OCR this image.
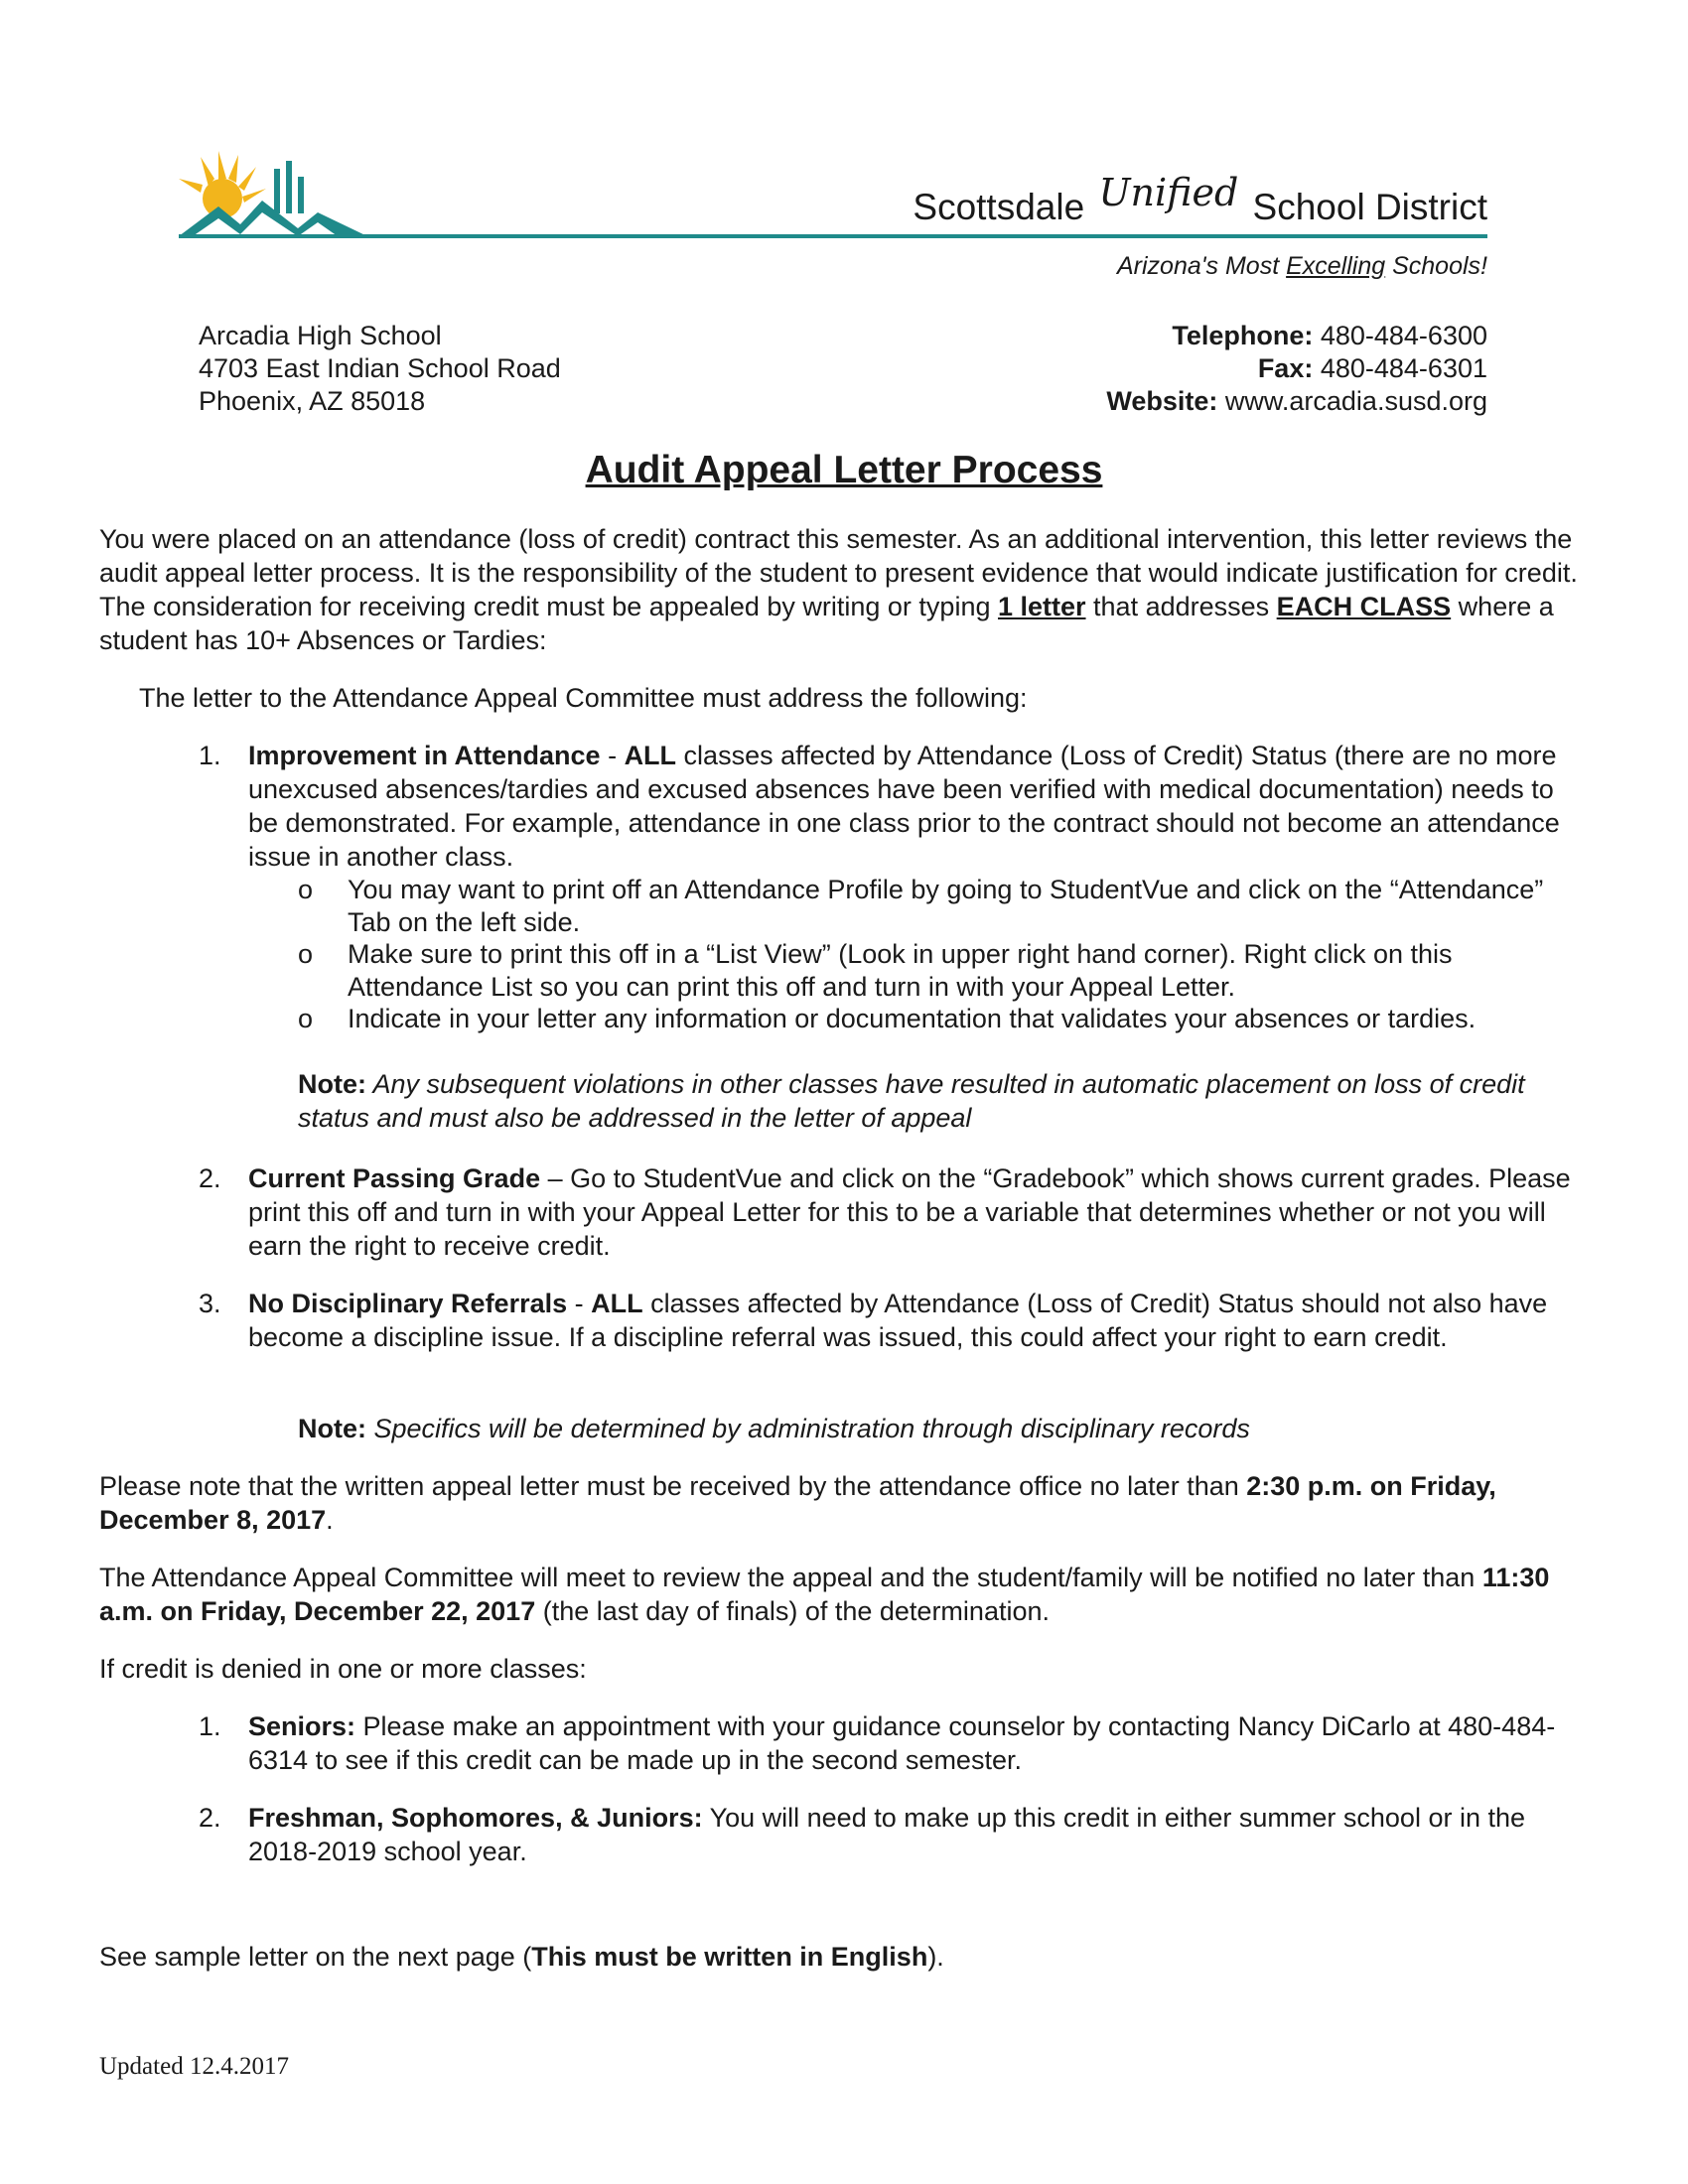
Scottsdale Unified School District
Arizona's Most Excelling Schools!
Arcadia High School
4703 East Indian School Road
Phoenix, AZ 85018
Telephone: 480-484-6300
Fax: 480-484-6301
Website: www.arcadia.susd.org
Audit Appeal Letter Process
You were placed on an attendance (loss of credit) contract this semester. As an additional intervention, this letter reviews the audit appeal letter process. It is the responsibility of the student to present evidence that would indicate justification for credit. The consideration for receiving credit must be appealed by writing or typing 1 letter that addresses EACH CLASS where a student has 10+ Absences or Tardies:
The letter to the Attendance Appeal Committee must address the following:
1. Improvement in Attendance - ALL classes affected by Attendance (Loss of Credit) Status (there are no more unexcused absences/tardies and excused absences have been verified with medical documentation) needs to be demonstrated. For example, attendance in one class prior to the contract should not become an attendance issue in another class.
o You may want to print off an Attendance Profile by going to StudentVue and click on the “Attendance” Tab on the left side.
o Make sure to print this off in a “List View” (Look in upper right hand corner). Right click on this Attendance List so you can print this off and turn in with your Appeal Letter.
o Indicate in your letter any information or documentation that validates your absences or tardies.
Note: Any subsequent violations in other classes have resulted in automatic placement on loss of credit status and must also be addressed in the letter of appeal
2. Current Passing Grade – Go to StudentVue and click on the “Gradebook” which shows current grades. Please print this off and turn in with your Appeal Letter for this to be a variable that determines whether or not you will earn the right to receive credit.
3. No Disciplinary Referrals - ALL classes affected by Attendance (Loss of Credit) Status should not also have become a discipline issue. If a discipline referral was issued, this could affect your right to earn credit.
Note: Specifics will be determined by administration through disciplinary records
Please note that the written appeal letter must be received by the attendance office no later than 2:30 p.m. on Friday, December 8, 2017.
The Attendance Appeal Committee will meet to review the appeal and the student/family will be notified no later than 11:30 a.m. on Friday, December 22, 2017 (the last day of finals) of the determination.
If credit is denied in one or more classes:
1. Seniors: Please make an appointment with your guidance counselor by contacting Nancy DiCarlo at 480-484-6314 to see if this credit can be made up in the second semester.
2. Freshman, Sophomores, & Juniors: You will need to make up this credit in either summer school or in the 2018-2019 school year.
See sample letter on the next page (This must be written in English).
Updated 12.4.2017
